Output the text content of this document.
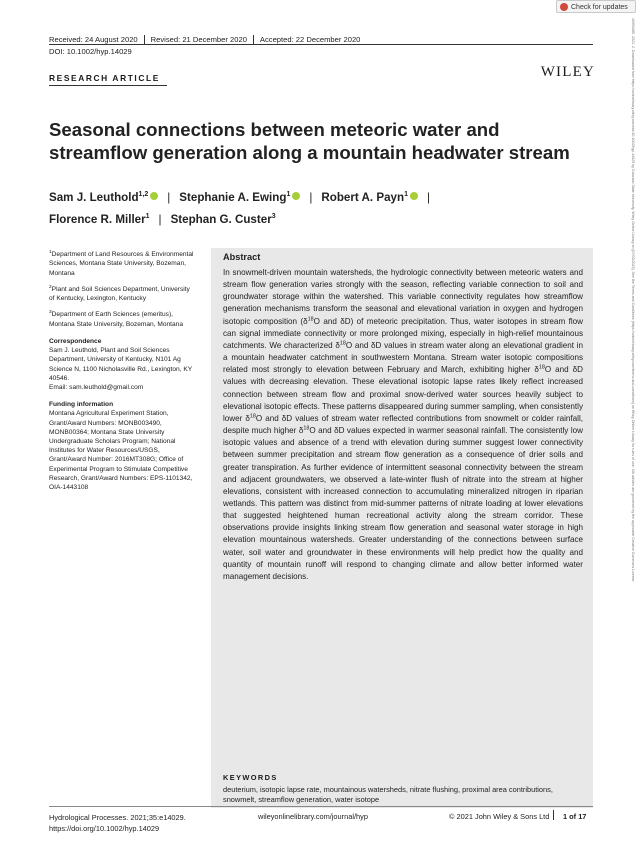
Check for updates
10991085, 2021, 2, Downloaded from https://onlinelibrary.wiley.com/doi/10.1002/hyp.14029 by Colorado State University, Wiley Online Library on [07/03/2023]. See the Terms and Conditions (https://onlinelibrary.wiley.com/terms-and-conditions) on Wiley Online Library for rules of use; OA articles are governed by the applicable Creative Commons License
Received: 24 August 2020 Revised: 21 December 2020 Accepted: 22 December 2020
DOI: 10.1002/hyp.14029
RESEARCH ARTICLE	WILEY
Seasonal connections between meteoric water and streamflow generation along a mountain headwater stream
Sam J. Leuthold$^{1,2}$ | Stephanie A. Ewing$^1$ | Robert A. Payn$^1$ |
Florence R. Miller$^1$ | Stephan G. Custer$^3$
$^1$Department of Land Resources & Environmental Sciences, Montana State University, Bozeman, Montana
$^2$Plant and Soil Sciences Department, University of Kentucky, Lexington, Kentucky
$^3$Department of Earth Sciences (emeritus), Montana State University, Bozeman, Montana
Correspondence
Sam J. Leuthold, Plant and Soil Sciences Department, University of Kentucky, N101 Ag Science N, 1100 Nicholasville Rd., Lexington, KY 40546.
Email: sam.leuthold@gmail.com
Funding information
Montana Agricultural Experiment Station, Grant/Award Numbers: MONB003490, MONB00364; Montana State University Undergraduate Scholars Program; National Institutes for Water Resources/USGS, Grant/Award Number: 2016MT308G; Office of Experimental Program to Stimulate Competitive Research, Grant/Award Numbers: EPS-1101342, OIA-1443108
Abstract
In snowmelt-driven mountain watersheds, the hydrologic connectivity between meteoric waters and stream flow generation varies strongly with the season, reflecting variable connection to soil and groundwater storage within the watershed. This variable connectivity regulates how streamflow generation mechanisms transform the seasonal and elevational variation in oxygen and hydrogen isotopic composition ($\delta^{18}O$ and δD) of meteoric precipitation. Thus, water isotopes in stream flow can signal immediate connectivity or more prolonged mixing, especially in high-relief mountainous catchments. We characterized $\delta^{18}O$ and δD values in stream water along an elevational gradient in a mountain headwater catchment in southwestern Montana. Stream water isotopic compositions related most strongly to elevation between February and March, exhibiting higher $\delta^{18}O$ and δD values with decreasing elevation. These elevational isotopic lapse rates likely reflect increased connection between stream flow and proximal snow-derived water sources heavily subject to elevational isotopic effects. These patterns disappeared during summer sampling, when consistently lower $\delta^{18}O$ and δD values of stream water reflected contributions from snowmelt or colder rainfall, despite much higher $\delta^{18}O$ and δD values expected in warmer seasonal rainfall. The consistently low isotopic values and absence of a trend with elevation during summer suggest lower connectivity between summer precipitation and stream flow generation as a consequence of drier soils and greater transpiration. As further evidence of intermittent seasonal connectivity between the stream and adjacent groundwaters, we observed a late-winter flush of nitrate into the stream at higher elevations, consistent with increased connection to accumulating mineralized nitrogen in riparian wetlands. This pattern was distinct from mid-summer patterns of nitrate loading at lower elevations that suggested heightened human recreational activity along the stream corridor. These observations provide insights linking stream flow generation and seasonal water storage in high elevation mountainous watersheds. Greater understanding of the connections between surface water, soil water and groundwater in these environments will help predict how the quality and quantity of mountain runoff will respond to changing climate and allow better informed water management decisions.
KEYWORDS
deuterium, isotopic lapse rate, mountainous watersheds, nitrate flushing, proximal area contributions, snowmelt, streamflow generation, water isotope
Hydrological Processes. 2021;35:e14029.
https://doi.org/10.1002/hyp.14029
wileyonlinelibrary.com/journal/hyp	© 2021 John Wiley & Sons Ltd 1 of 17
